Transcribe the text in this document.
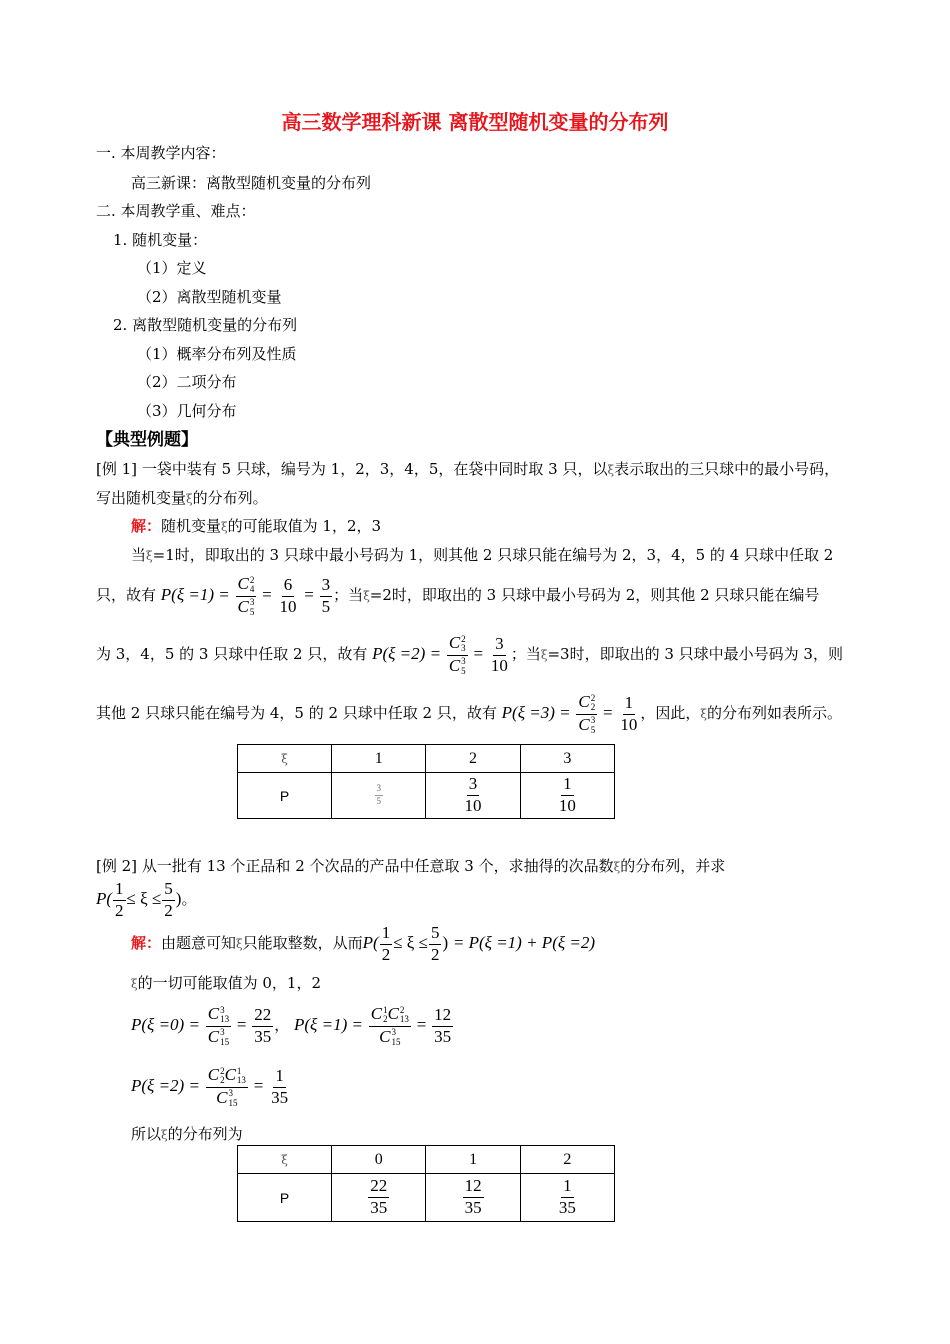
高三数学理科新课 离散型随机变量的分布列
一. 本周教学内容：
高三新课：离散型随机变量的分布列
二. 本周教学重、难点：
1. 随机变量：
（1）定义
（2）离散型随机变量
2. 离散型随机变量的分布列
（1）概率分布列及性质
（2）二项分布
（3）几何分布
【典型例题】
[例 1] 一袋中装有 5 只球，编号为 1，2，3，4，5，在袋中同时取 3 只，以ξ表示取出的三只球中的最小号码，
写出随机变量ξ的分布列。
解：随机变量ξ的可能取值为 1，2，3
当ξ=1时，即取出的 3 只球中最小号码为 1，则其他 2 只球只能在编号为 2，3，4，5 的 4 只球中任取 2
只，故有 P(ξ =1) = C 2
4
C 3
$5 = \frac{6}{10} = \frac{3}{5}$ ；当ξ=2时，即取出的 3 只球中最小号码为 2，则其他 2 只球只能在编号
为 3，4，5 的 3 只球中任取 2 只，故有 P(ξ =2) = C 2
3
C 3
$5 = \frac{3}{10}$ ；当ξ=3时，即取出的 3 只球中最小号码为 3，则
其他 2 只球只能在编号为 4，5 的 2 只球中任取 2 只，故有 P(ξ =3) = C 2
2
C 3
$5 = \frac{1}{10}$ ，因此，ξ的分布列如表所示。
ξ	1	2	3
P	$\frac{3}{5}$	$\frac{3}{10}$	$\frac{1}{10}$
[例 2] 从一批有 13 个正品和 2 个次品的产品中任意取 3 个，求抽得的次品数ξ的分布列，并求
$P( \frac{1}{2} \le \xi \le \frac{5}{2}$ )。
解：由题意可知ξ只能取整数，从而$P( \frac{1}{2} \le \xi \le \frac{5}{2}$ ) = P(ξ =1) + P(ξ =2)
ξ的一切可能取值为 0，1，2
P(ξ =0) = C 3
13
C 3
$15 = \frac{22}{35}$ ， P(ξ =1) = C 1
2 C 2
13
C 3
$15 = \frac{12}{35}$
P(ξ =2) = C 2
2 C 1
13
C 3
$15 = \frac{1}{35}$
所以ξ的分布列为
ξ	0	1	2
P	$\frac{22}{35}$	$\frac{12}{35}$	$\frac{1}{35}$
